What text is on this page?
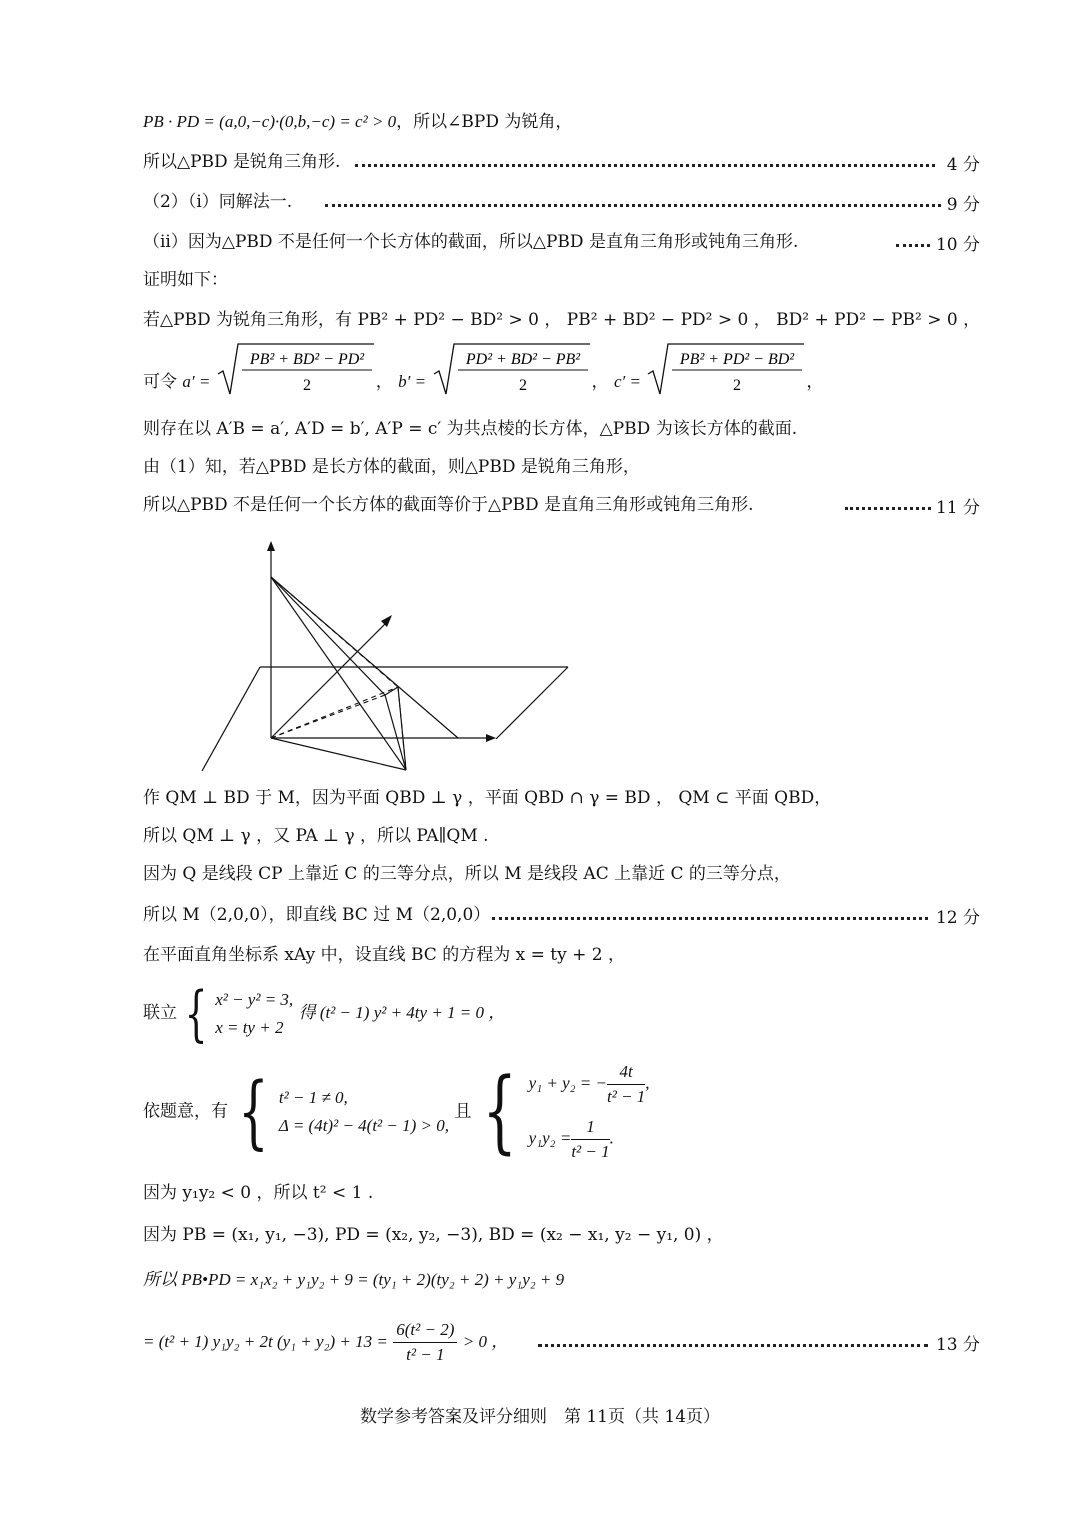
PB · PD = (a,0,−c)·(0,b,−c) = c² > 0，所以∠BPD 为锐角，
所以△PBD 是锐角三角形.	4 分
（2）（i）同解法一.	9 分
（ii）因为△PBD 不是任何一个长方体的截面，所以△PBD 是直角三角形或钝角三角形.	10 分
证明如下：
若△PBD 为锐角三角形，有 PB² + PD² − BD² > 0 ， PB² + BD² − PD² > 0 ， BD² + PD² − PB² > 0 ，
可令 a′ =
PB² + BD² − PD²
2	， b′ =
PD² + BD² − PB²
2	， c′ =
PB² + PD² − BD²
2	，
则存在以 A′B = a′, A′D = b′, A′P = c′ 为共点棱的长方体，△PBD 为该长方体的截面.
由（1）知，若△PBD 是长方体的截面，则△PBD 是锐角三角形，
所以△PBD 不是任何一个长方体的截面等价于△PBD 是直角三角形或钝角三角形.	11 分
作 QM ⊥ BD 于 M，因为平面 QBD ⊥ γ ，平面 QBD ∩ γ = BD ， QM ⊂ 平面 QBD，
所以 QM ⊥ γ ，又 PA ⊥ γ ，所以 PA∥QM .
因为 Q 是线段 CP 上靠近 C 的三等分点，所以 M 是线段 AC 上靠近 C 的三等分点，
所以 M（2,0,0），即直线 BC 过 M（2,0,0）.	12 分
在平面直角坐标系 xAy 中，设直线 BC 的方程为 x = ty + 2 ，
联立 { x² − y² = 3,
x = ty + 2
得 (t² − 1) y² + 4ty + 1 = 0 ，
依题意，有 { t² − 1 ≠ 0,
Δ = (4t)² − 4(t² − 1) > 0,
且 { y₁ + y₂ = − $\frac{4t}{\text{t² − 1}}$ ,
$y_1y_2 = \frac{1}{\text{t² − 1}}$ .
因为 y₁y₂ < 0 ，所以 t² < 1 .
因为 PB = (x₁, y₁, −3), PD = (x₂, y₂, −3), BD = (x₂ − x₁, y₂ − y₁, 0) ，
所以 PB•PD = x₁x₂ + y₁y₂ + 9 = (ty₁ + 2)(ty₂ + 2) + y₁y₂ + 9
= (t² + 1) y₁y₂ + 2t $(y_1 + y_2) + 13 = \frac{\text{6(t² − 2)}}{\text{t² − 1}} > 0$ ，	13 分
数学参考答案及评分细则　第 11页（共 14页）
